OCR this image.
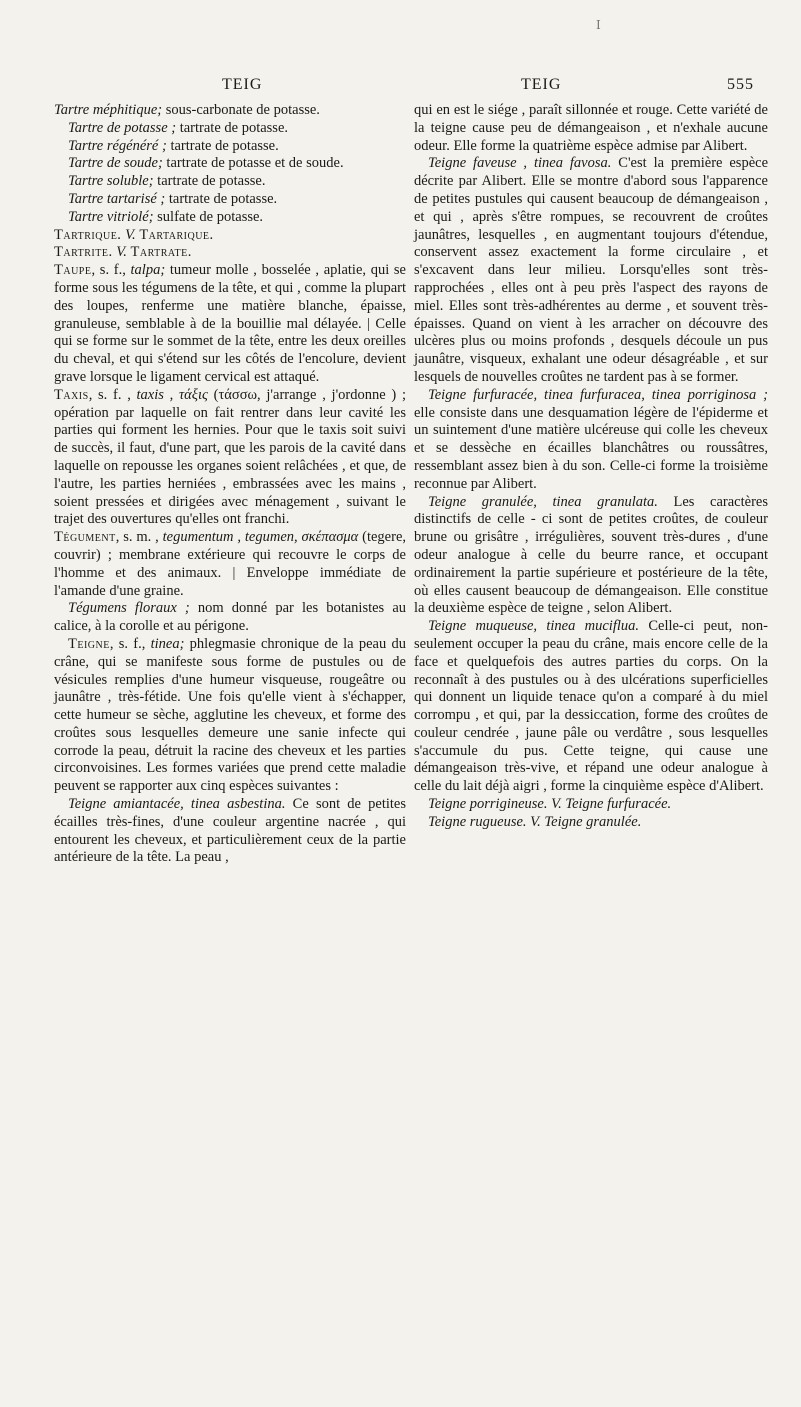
I
TEIG	TEIG	555

Tartre méphitique; sous-carbonate de potasse.

Tartre de potasse ; tartrate de potasse.

Tartre régénéré ; tartrate de potasse.

Tartre de soude; tartrate de potasse et de soude.

Tartre soluble; tartrate de potasse.

Tartre tartarisé ; tartrate de potasse.

Tartre vitriolé; sulfate de potasse.

Tartrique. V. Tartarique.

Tartrite. V. Tartrate.

Taupe, s. f., talpa; tumeur molle , bosselée , aplatie, qui se forme sous les tégumens de la tête, et qui , comme la plupart des loupes, renferme une matière blanche, épaisse, granuleuse, semblable à de la bouillie mal délayée. | Celle qui se forme sur le sommet de la tête, entre les deux oreilles du cheval, et qui s'étend sur les côtés de l'encolure, devient grave lorsque le ligament cervical est attaqué.

Taxis, s. f. , taxis , τάξις (τάσσω, j'arrange , j'ordonne ) ; opération par laquelle on fait rentrer dans leur cavité les parties qui forment les hernies. Pour que le taxis soit suivi de succès, il faut, d'une part, que les parois de la cavité dans laquelle on repousse les organes soient relâchées , et que, de l'autre, les parties herniées , embrassées avec les mains , soient pressées et dirigées avec ménagement , suivant le trajet des ouvertures qu'elles ont franchi.

Tégument, s. m. , tegumentum , tegumen, σκέπασμα (tegere, couvrir) ; membrane extérieure qui recouvre le corps de l'homme et des animaux. | Enveloppe immédiate de l'amande d'une graine.

Tégumens floraux ; nom donné par les botanistes au calice, à la corolle et au périgone.

Teigne, s. f., tinea; phlegmasie chronique de la peau du crâne, qui se manifeste sous forme de pustules ou de vésicules remplies d'une humeur visqueuse, rougeâtre ou jaunâtre , très-fétide. Une fois qu'elle vient à s'échapper, cette humeur se sèche, agglutine les cheveux, et forme des croûtes sous lesquelles demeure une sanie infecte qui corrode la peau, détruit la racine des cheveux et les parties circonvoisines. Les formes variées que prend cette maladie peuvent se rapporter aux cinq espèces suivantes :

Teigne amiantacée, tinea asbestina. Ce sont de petites écailles très-fines, d'une couleur argentine nacrée , qui entourent les cheveux, et particulièrement ceux de la partie antérieure de la tête. La peau ,

qui en est le siége , paraît sillonnée et rouge. Cette variété de la teigne cause peu de démangeaison , et n'exhale aucune odeur. Elle forme la quatrième espèce admise par Alibert.

Teigne faveuse , tinea favosa. C'est la première espèce décrite par Alibert. Elle se montre d'abord sous l'apparence de petites pustules qui causent beaucoup de démangeaison , et qui , après s'être rompues, se recouvrent de croûtes jaunâtres, lesquelles , en augmentant toujours d'étendue, conservent assez exactement la forme circulaire , et s'excavent dans leur milieu. Lorsqu'elles sont très-rapprochées , elles ont à peu près l'aspect des rayons de miel. Elles sont très-adhérentes au derme , et souvent très-épaisses. Quand on vient à les arracher on découvre des ulcères plus ou moins profonds , desquels découle un pus jaunâtre, visqueux, exhalant une odeur désagréable , et sur lesquels de nouvelles croûtes ne tardent pas à se former.

Teigne furfuracée, tinea furfuracea, tinea porriginosa ; elle consiste dans une desquamation légère de l'épiderme et un suintement d'une matière ulcéreuse qui colle les cheveux et se dessèche en écailles blanchâtres ou roussâtres, ressemblant assez bien à du son. Celle-ci forme la troisième reconnue par Alibert.

Teigne granulée, tinea granulata. Les caractères distinctifs de celle - ci sont de petites croûtes, de couleur brune ou grisâtre , irrégulières, souvent très-dures , d'une odeur analogue à celle du beurre rance, et occupant ordinairement la partie supérieure et postérieure de la tête, où elles causent beaucoup de démangeaison. Elle constitue la deuxième espèce de teigne , selon Alibert.

Teigne muqueuse, tinea muciflua. Celle-ci peut, non-seulement occuper la peau du crâne, mais encore celle de la face et quelquefois des autres parties du corps. On la reconnaît à des pustules ou à des ulcérations superficielles qui donnent un liquide tenace qu'on a comparé à du miel corrompu , et qui, par la dessiccation, forme des croûtes de couleur cendrée , jaune pâle ou verdâtre , sous lesquelles s'accumule du pus. Cette teigne, qui cause une démangeaison très-vive, et répand une odeur analogue à celle du lait déjà aigri , forme la cinquième espèce d'Alibert.

Teigne porrigineuse. V. Teigne furfuracée.

Teigne rugueuse. V. Teigne granulée.
